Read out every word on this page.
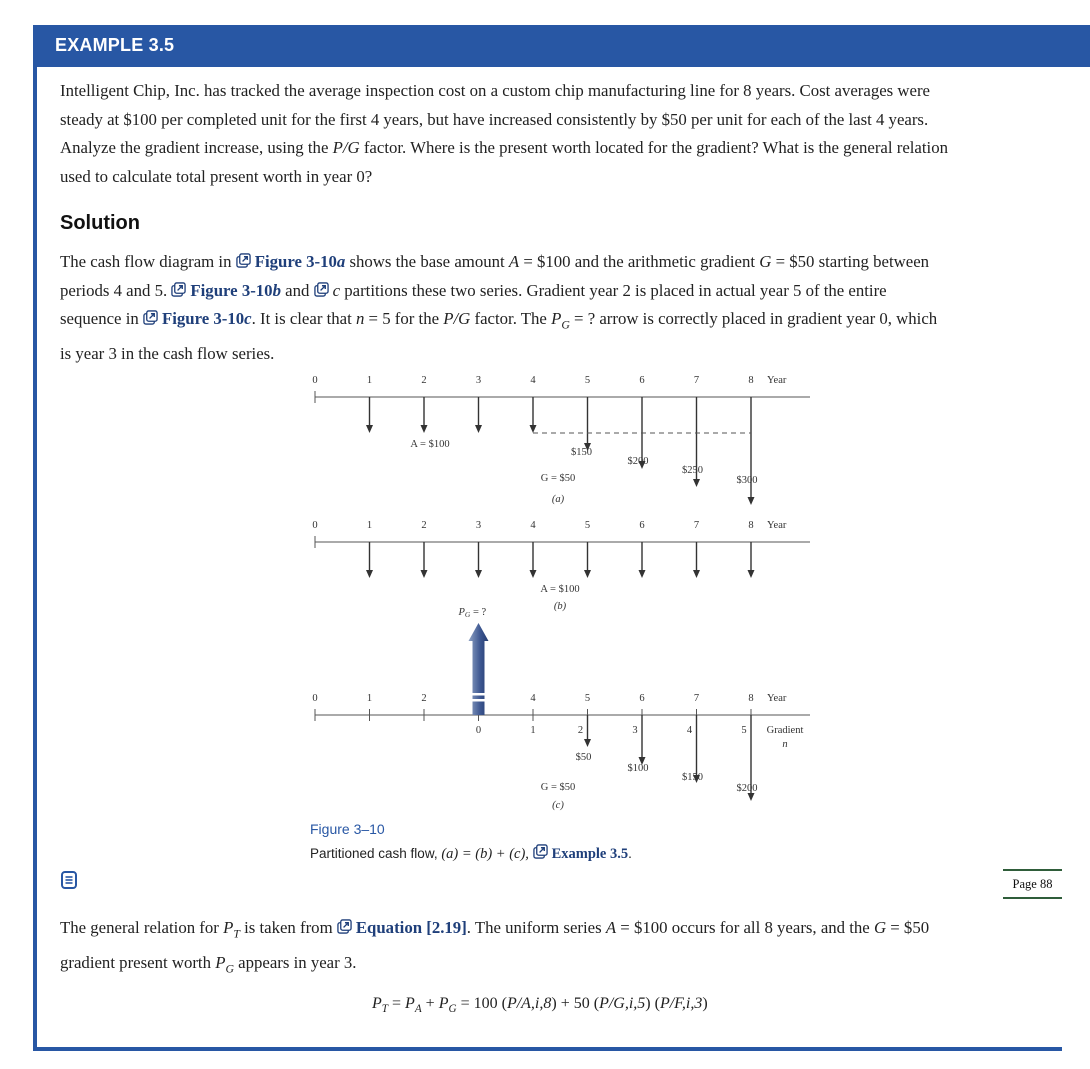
EXAMPLE 3.5
Intelligent Chip, Inc. has tracked the average inspection cost on a custom chip manufacturing line for 8 years. Cost averages were
steady at $100 per completed unit for the first 4 years, but have increased consistently by $50 per unit for each of the last 4 years.
Analyze the gradient increase, using the P/G factor. Where is the present worth located for the gradient? What is the general relation
used to calculate total present worth in year 0?
Solution
The cash flow diagram in Figure 3-10a shows the base amount A = $100 and the arithmetic gradient G = $50 starting between
periods 4 and 5. Figure 3-10b and c partitions these two series. Gradient year 2 is placed in actual year 5 of the entire
sequence in Figure 3-10c. It is clear that n = 5 for the P/G factor. The $P_G$ = ? arrow is correctly placed in gradient year 0, which
is year 3 in the cash flow series.
0	1	2	3	4	5	6	7	8 Year
A = $100
$150
$200
$250
$300
G = $50
(a)
0	1	2	3	4	5	6	7	8 Year
A = $100
(b)
0	1	2	4	5	6	7	8 Year
0	1	2	3	4	5 Gradient
n
$50
$100
$150
$200
G = $50
(c)
PG = ?
Figure 3–10
Partitioned cash flow, (a) = (b) + (c), Example 3.5.
Page 88
The general relation for $P_T$ is taken from Equation [2.19]. The uniform series A = $100 occurs for all 8 years, and the G = $50
gradient present worth $P_G$ appears in year 3.
$P_T = P_A + P_G = 100$ (P/A,i,8) + 50 (P/G,i,5) (P/F,i,3)
